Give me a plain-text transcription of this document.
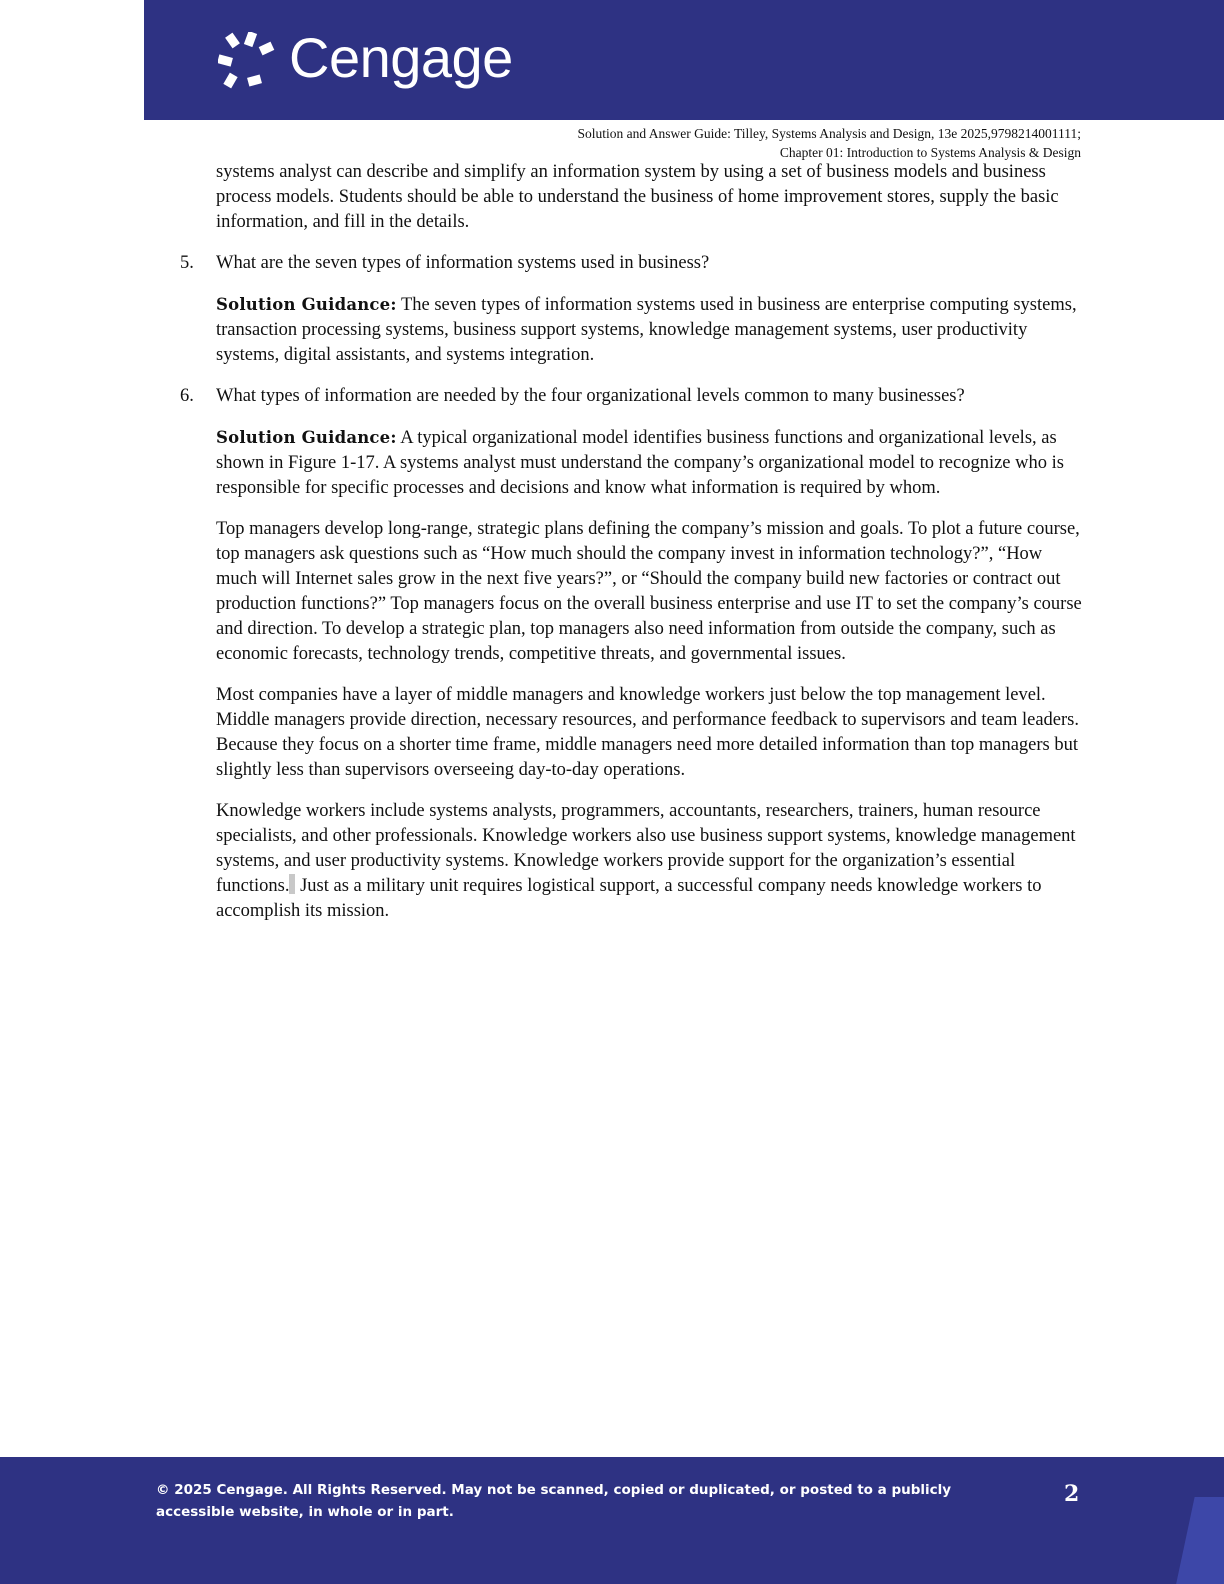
Cengage
Solution and Answer Guide: Tilley, Systems Analysis and Design, 13e 2025,9798214001111;
Chapter 01: Introduction to Systems Analysis & Design

systems analyst can describe and simplify an information system by using a set of business models and business process models. Students should be able to understand the business of home improvement stores, supply the basic information, and fill in the details.

5. What are the seven types of information systems used in business?

Solution Guidance: The seven types of information systems used in business are enterprise computing systems, transaction processing systems, business support systems, knowledge management systems, user productivity systems, digital assistants, and systems integration.

6. What types of information are needed by the four organizational levels common to many businesses?

Solution Guidance: A typical organizational model identifies business functions and organizational levels, as shown in Figure 1-17. A systems analyst must understand the company’s organizational model to recognize who is responsible for specific processes and decisions and know what information is required by whom.

Top managers develop long-range, strategic plans defining the company’s mission and goals. To plot a future course, top managers ask questions such as “How much should the company invest in information technology?”, “How much will Internet sales grow in the next five years?”, or “Should the company build new factories or contract out production functions?” Top managers focus on the overall business enterprise and use IT to set the company’s course and direction. To develop a strategic plan, top managers also need information from outside the company, such as economic forecasts, technology trends, competitive threats, and governmental issues.

Most companies have a layer of middle managers and knowledge workers just below the top management level. Middle managers provide direction, necessary resources, and performance feedback to supervisors and team leaders. Because they focus on a shorter time frame, middle managers need more detailed information than top managers but slightly less than supervisors overseeing day-to-day operations.

Knowledge workers include systems analysts, programmers, accountants, researchers, trainers, human resource specialists, and other professionals. Knowledge workers also use business support systems, knowledge management systems, and user productivity systems. Knowledge workers provide support for the organization’s essential functions. Just as a military unit requires logistical support, a successful company needs knowledge workers to accomplish its mission.

© 2025 Cengage. All Rights Reserved. May not be scanned, copied or duplicated, or posted to a publicly accessible website, in whole or in part.
2
